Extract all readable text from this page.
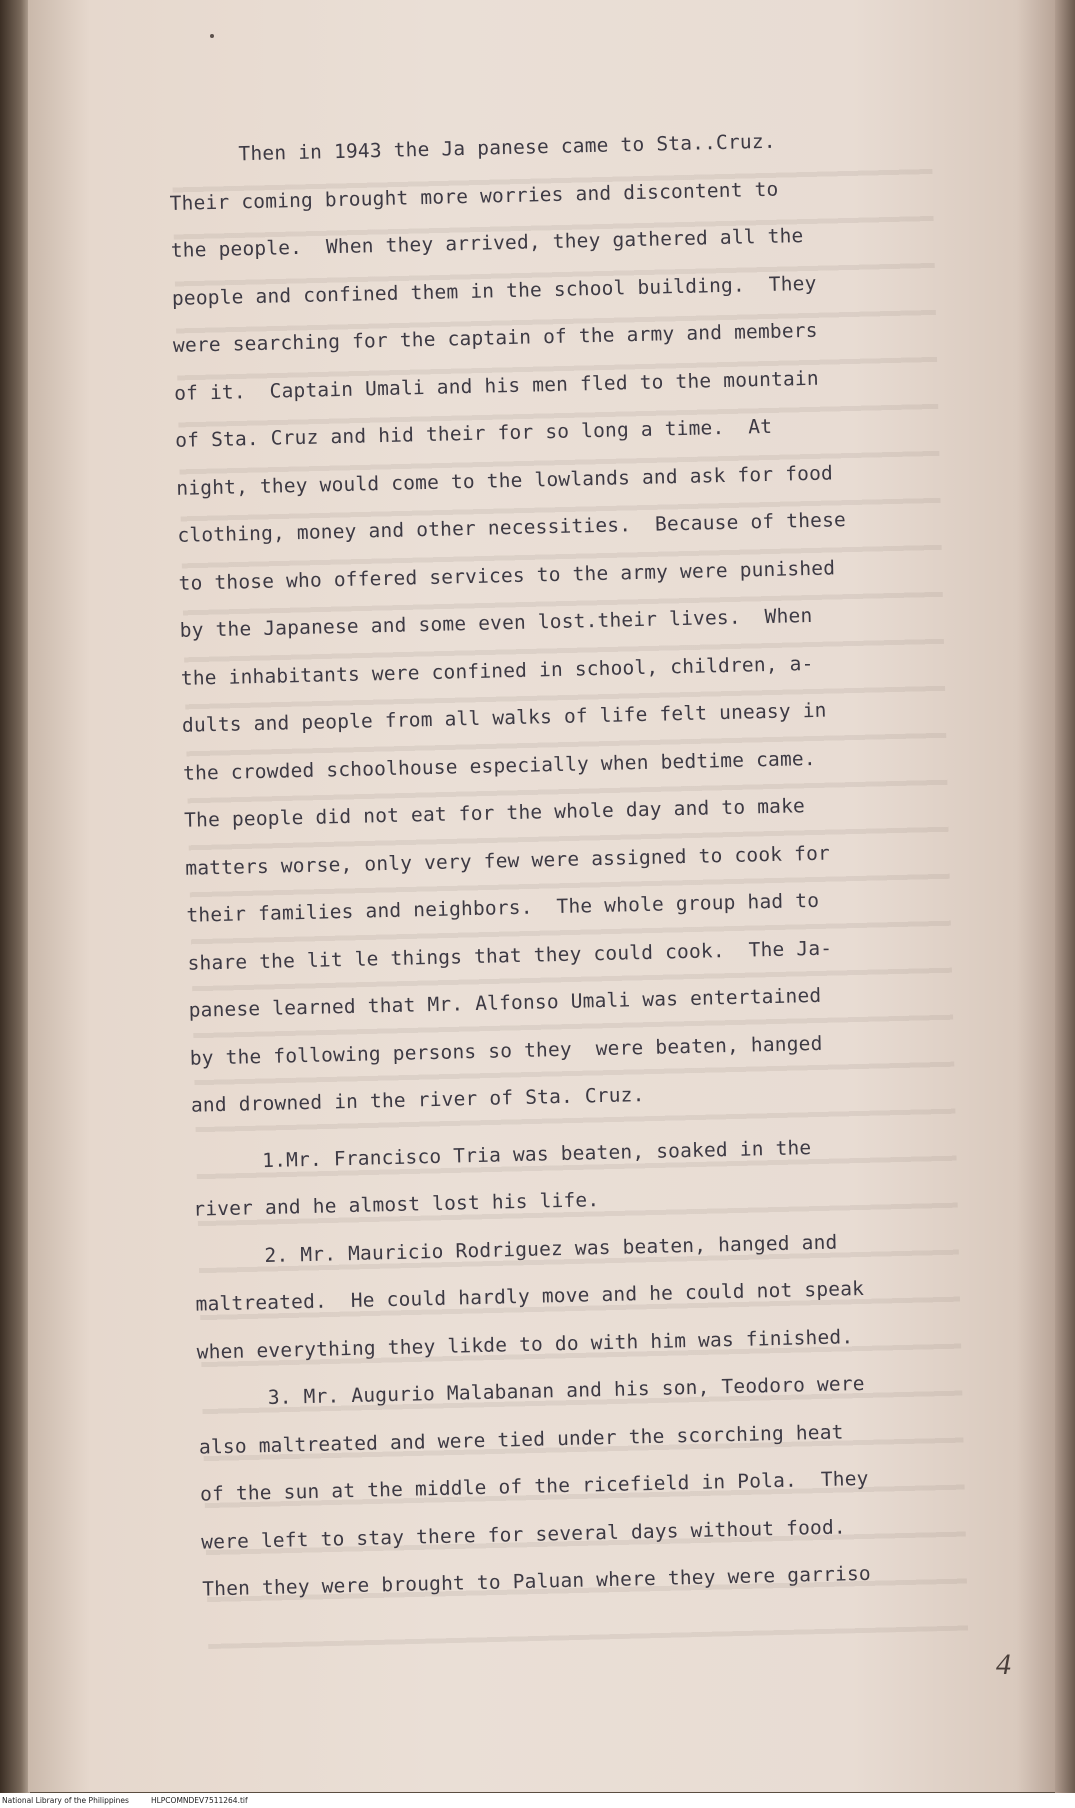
Then in 1943 the Ja panese came to Sta..Cruz.
Their coming brought more worries and discontent to
the people.  When they arrived, they gathered all the
people and confined them in the school building.  They
were searching for the captain of the army and members
of it.  Captain Umali and his men fled to the mountain
of Sta. Cruz and hid their for so long a time.  At
night, they would come to the lowlands and ask for food
clothing, money and other necessities.  Because of these
to those who offered services to the army were punished
by the Japanese and some even lost.their lives.  When
the inhabitants were confined in school, children, a-
dults and people from all walks of life felt uneasy in
the crowded schoolhouse especially when bedtime came.
The people did not eat for the whole day and to make
matters worse, only very few were assigned to cook for
their families and neighbors.  The whole group had to
share the lit le things that they could cook.  The Ja-
panese learned that Mr. Alfonso Umali was entertained
by the following persons so they  were beaten, hanged
and drowned in the river of Sta. Cruz.
1.Mr. Francisco Tria was beaten, soaked in the
river and he almost lost his life.
2. Mr. Mauricio Rodriguez was beaten, hanged and
maltreated.  He could hardly move and he could not speak
when everything they likde to do with him was finished.
3. Mr. Augurio Malabanan and his son, Teodoro were
also maltreated and were tied under the scorching heat
of the sun at the middle of the ricefield in Pola.  They
were left to stay there for several days without food.
Then they were brought to Paluan where they were garriso
4
National Library of the Philippines	HLPCOMNDEV7511264.tif
